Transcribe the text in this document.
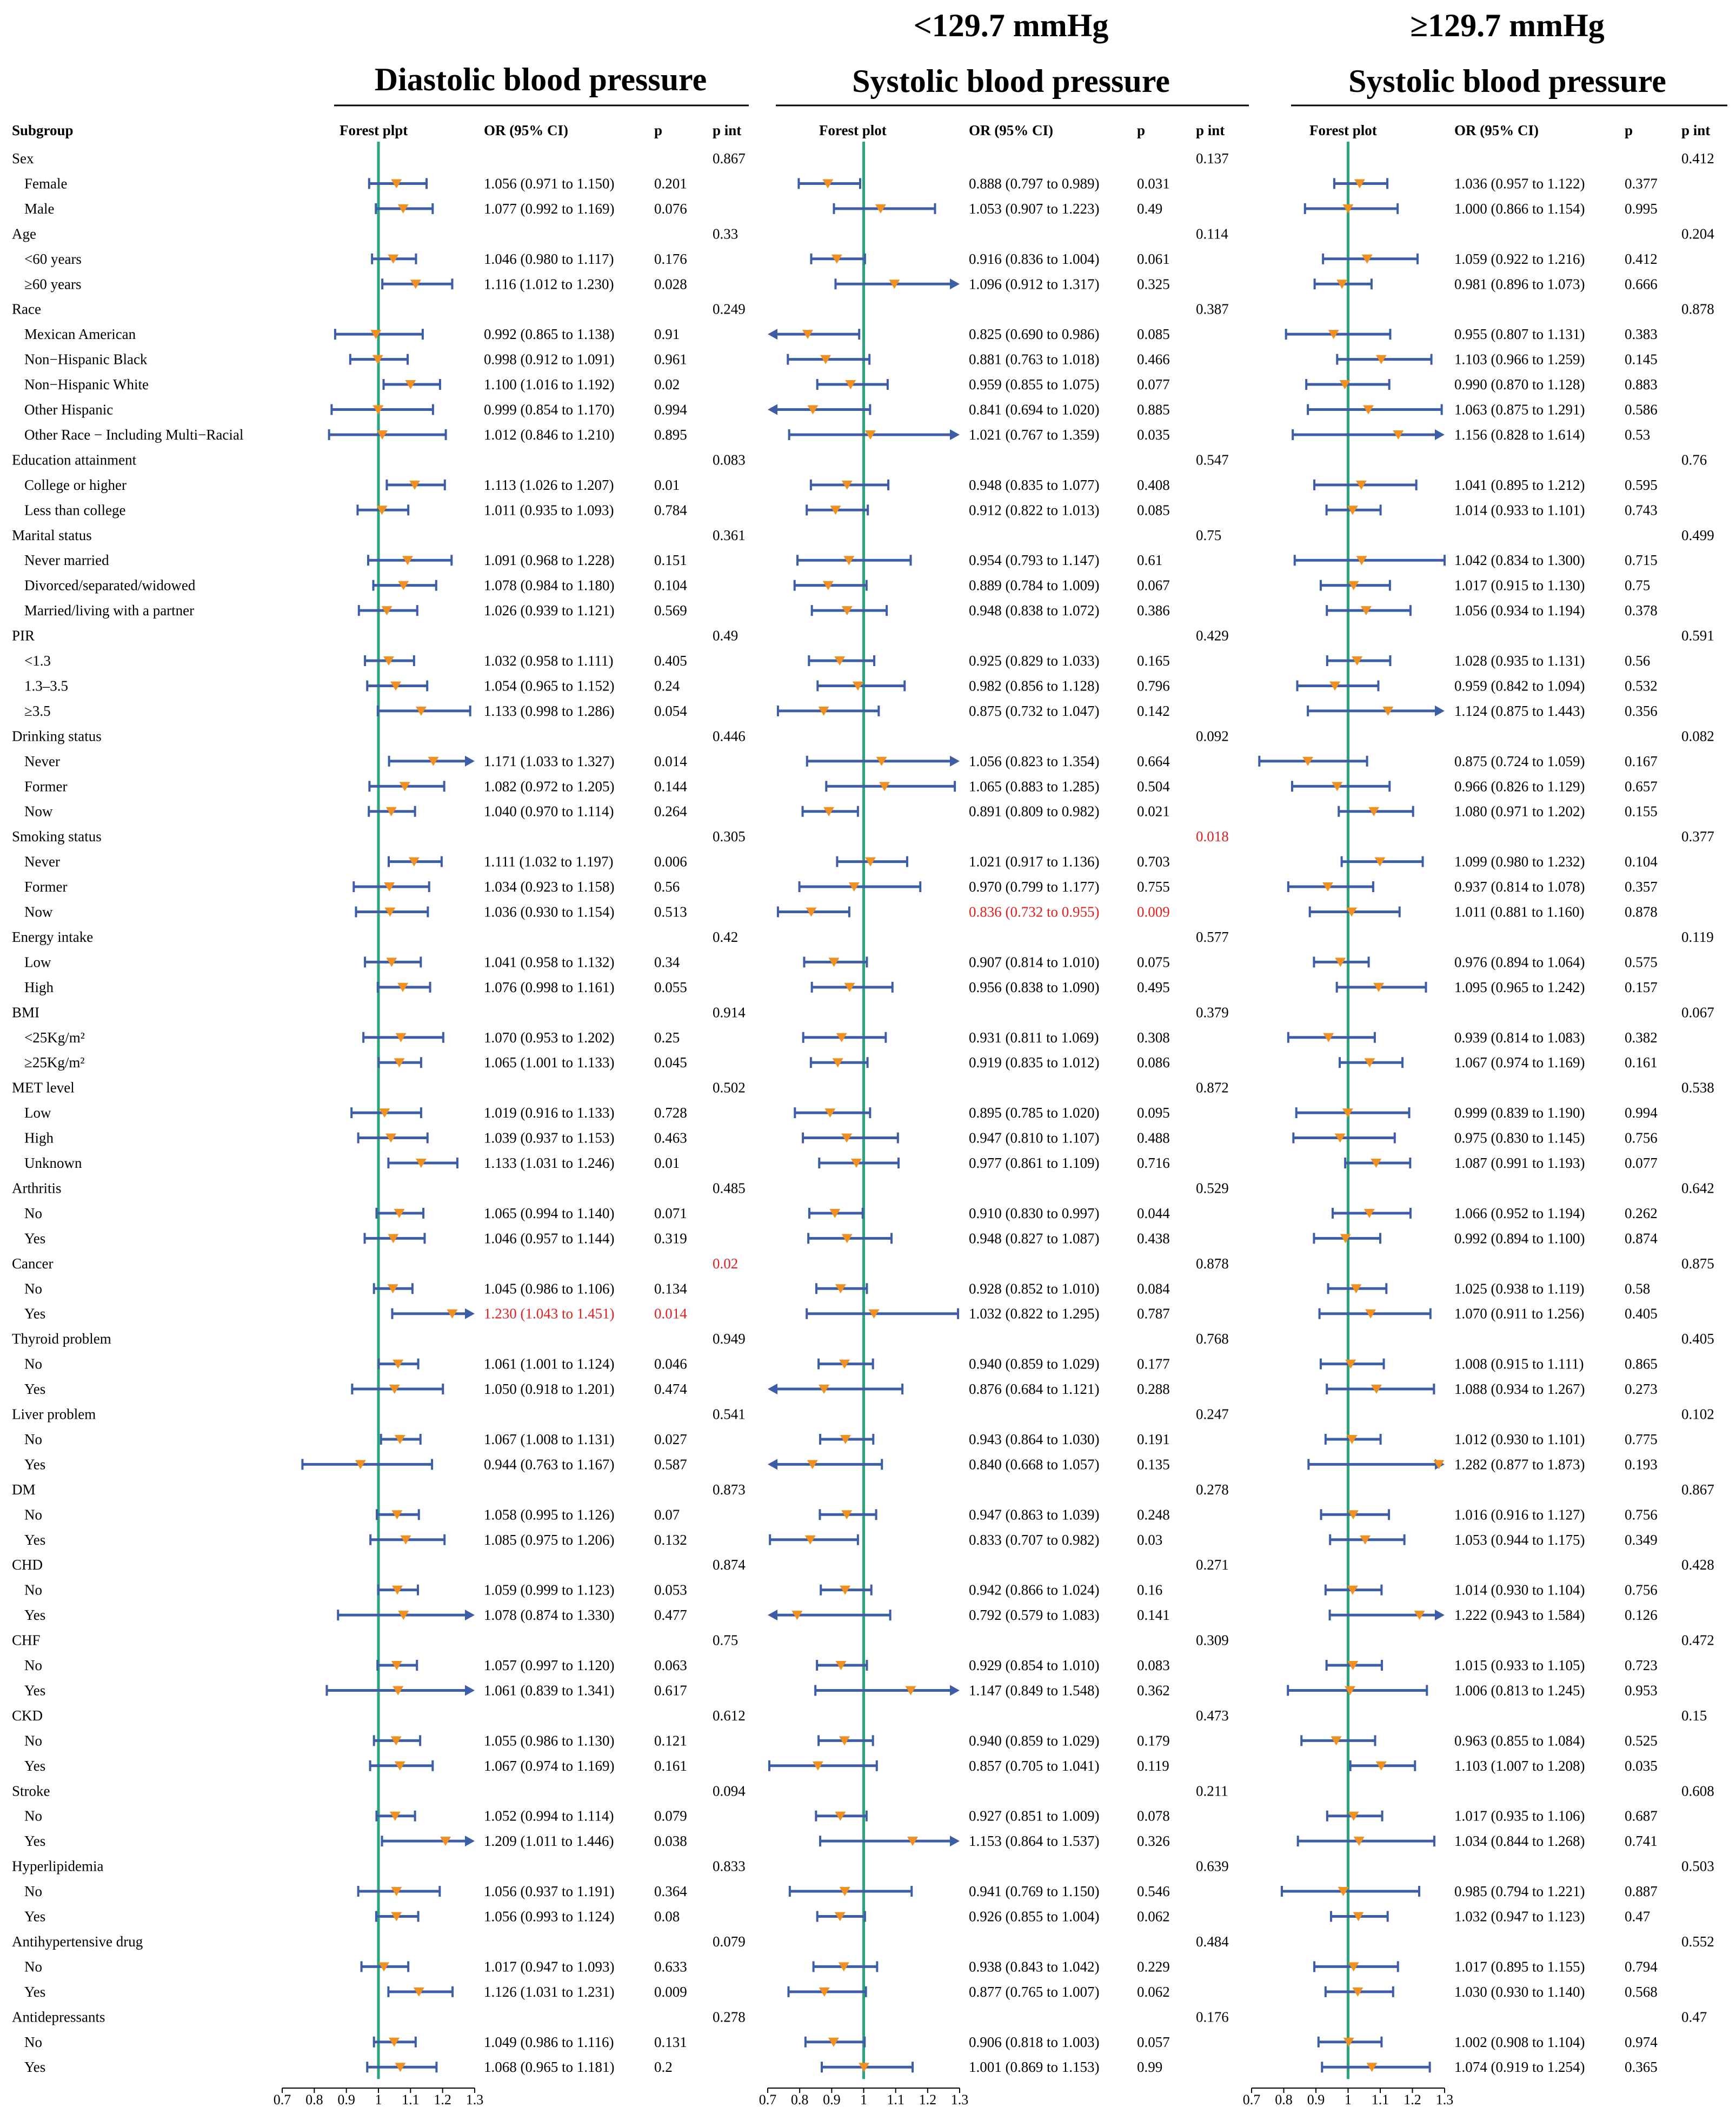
Diastolic blood pressure
<129.7 mmHg
Systolic blood pressure
≥129.7 mmHg
Systolic blood pressure
Subgroup	Forest plpt	OR (95% CI)	p	p int	Forest plot	OR (95% CI)	p	p int	Forest plot	OR (95% CI)	p	p int
Sex	0.867	0.137	0.412
Female	1.056 (0.971 to 1.150)	0.201	0.888 (0.797 to 0.989)	0.031	1.036 (0.957 to 1.122)	0.377
Male	1.077 (0.992 to 1.169)	0.076	1.053 (0.907 to 1.223)	0.49	1.000 (0.866 to 1.154)	0.995
Age	0.33	0.114	0.204
<60 years	1.046 (0.980 to 1.117)	0.176	0.916 (0.836 to 1.004)	0.061	1.059 (0.922 to 1.216)	0.412
≥60 years	1.116 (1.012 to 1.230)	0.028	1.096 (0.912 to 1.317)	0.325	0.981 (0.896 to 1.073)	0.666
Race	0.249	0.387	0.878
Mexican American	0.992 (0.865 to 1.138)	0.91	0.825 (0.690 to 0.986)	0.085	0.955 (0.807 to 1.131)	0.383
Non−Hispanic Black	0.998 (0.912 to 1.091)	0.961	0.881 (0.763 to 1.018)	0.466	1.103 (0.966 to 1.259)	0.145
Non−Hispanic White	1.100 (1.016 to 1.192)	0.02	0.959 (0.855 to 1.075)	0.077	0.990 (0.870 to 1.128)	0.883
Other Hispanic	0.999 (0.854 to 1.170)	0.994	0.841 (0.694 to 1.020)	0.885	1.063 (0.875 to 1.291)	0.586
Other Race − Including Multi−Racial	1.012 (0.846 to 1.210)	0.895	1.021 (0.767 to 1.359)	0.035	1.156 (0.828 to 1.614)	0.53
Education attainment	0.083	0.547	0.76
College or higher	1.113 (1.026 to 1.207)	0.01	0.948 (0.835 to 1.077)	0.408	1.041 (0.895 to 1.212)	0.595
Less than college	1.011 (0.935 to 1.093)	0.784	0.912 (0.822 to 1.013)	0.085	1.014 (0.933 to 1.101)	0.743
Marital status	0.361	0.75	0.499
Never married	1.091 (0.968 to 1.228)	0.151	0.954 (0.793 to 1.147)	0.61	1.042 (0.834 to 1.300)	0.715
Divorced/separated/widowed	1.078 (0.984 to 1.180)	0.104	0.889 (0.784 to 1.009)	0.067	1.017 (0.915 to 1.130)	0.75
Married/living with a partner	1.026 (0.939 to 1.121)	0.569	0.948 (0.838 to 1.072)	0.386	1.056 (0.934 to 1.194)	0.378
PIR	0.49	0.429	0.591
<1.3	1.032 (0.958 to 1.111)	0.405	0.925 (0.829 to 1.033)	0.165	1.028 (0.935 to 1.131)	0.56
1.3–3.5	1.054 (0.965 to 1.152)	0.24	0.982 (0.856 to 1.128)	0.796	0.959 (0.842 to 1.094)	0.532
≥3.5	1.133 (0.998 to 1.286)	0.054	0.875 (0.732 to 1.047)	0.142	1.124 (0.875 to 1.443)	0.356
Drinking status	0.446	0.092	0.082
Never	1.171 (1.033 to 1.327)	0.014	1.056 (0.823 to 1.354)	0.664	0.875 (0.724 to 1.059)	0.167
Former	1.082 (0.972 to 1.205)	0.144	1.065 (0.883 to 1.285)	0.504	0.966 (0.826 to 1.129)	0.657
Now	1.040 (0.970 to 1.114)	0.264	0.891 (0.809 to 0.982)	0.021	1.080 (0.971 to 1.202)	0.155
Smoking status	0.305	0.018	0.377
Never	1.111 (1.032 to 1.197)	0.006	1.021 (0.917 to 1.136)	0.703	1.099 (0.980 to 1.232)	0.104
Former	1.034 (0.923 to 1.158)	0.56	0.970 (0.799 to 1.177)	0.755	0.937 (0.814 to 1.078)	0.357
Now	1.036 (0.930 to 1.154)	0.513	0.836 (0.732 to 0.955)	0.009	1.011 (0.881 to 1.160)	0.878
Energy intake	0.42	0.577	0.119
Low	1.041 (0.958 to 1.132)	0.34	0.907 (0.814 to 1.010)	0.075	0.976 (0.894 to 1.064)	0.575
High	1.076 (0.998 to 1.161)	0.055	0.956 (0.838 to 1.090)	0.495	1.095 (0.965 to 1.242)	0.157
BMI	0.914	0.379	0.067
<25Kg/m²	1.070 (0.953 to 1.202)	0.25	0.931 (0.811 to 1.069)	0.308	0.939 (0.814 to 1.083)	0.382
≥25Kg/m²	1.065 (1.001 to 1.133)	0.045	0.919 (0.835 to 1.012)	0.086	1.067 (0.974 to 1.169)	0.161
MET level	0.502	0.872	0.538
Low	1.019 (0.916 to 1.133)	0.728	0.895 (0.785 to 1.020)	0.095	0.999 (0.839 to 1.190)	0.994
High	1.039 (0.937 to 1.153)	0.463	0.947 (0.810 to 1.107)	0.488	0.975 (0.830 to 1.145)	0.756
Unknown	1.133 (1.031 to 1.246)	0.01	0.977 (0.861 to 1.109)	0.716	1.087 (0.991 to 1.193)	0.077
Arthritis	0.485	0.529	0.642
No	1.065 (0.994 to 1.140)	0.071	0.910 (0.830 to 0.997)	0.044	1.066 (0.952 to 1.194)	0.262
Yes	1.046 (0.957 to 1.144)	0.319	0.948 (0.827 to 1.087)	0.438	0.992 (0.894 to 1.100)	0.874
Cancer	0.02	0.878	0.875
No	1.045 (0.986 to 1.106)	0.134	0.928 (0.852 to 1.010)	0.084	1.025 (0.938 to 1.119)	0.58
Yes	1.230 (1.043 to 1.451)	0.014	1.032 (0.822 to 1.295)	0.787	1.070 (0.911 to 1.256)	0.405
Thyroid problem	0.949	0.768	0.405
No	1.061 (1.001 to 1.124)	0.046	0.940 (0.859 to 1.029)	0.177	1.008 (0.915 to 1.111)	0.865
Yes	1.050 (0.918 to 1.201)	0.474	0.876 (0.684 to 1.121)	0.288	1.088 (0.934 to 1.267)	0.273
Liver problem	0.541	0.247	0.102
No	1.067 (1.008 to 1.131)	0.027	0.943 (0.864 to 1.030)	0.191	1.012 (0.930 to 1.101)	0.775
Yes	0.944 (0.763 to 1.167)	0.587	0.840 (0.668 to 1.057)	0.135	1.282 (0.877 to 1.873)	0.193
DM	0.873	0.278	0.867
No	1.058 (0.995 to 1.126)	0.07	0.947 (0.863 to 1.039)	0.248	1.016 (0.916 to 1.127)	0.756
Yes	1.085 (0.975 to 1.206)	0.132	0.833 (0.707 to 0.982)	0.03	1.053 (0.944 to 1.175)	0.349
CHD	0.874	0.271	0.428
No	1.059 (0.999 to 1.123)	0.053	0.942 (0.866 to 1.024)	0.16	1.014 (0.930 to 1.104)	0.756
Yes	1.078 (0.874 to 1.330)	0.477	0.792 (0.579 to 1.083)	0.141	1.222 (0.943 to 1.584)	0.126
CHF	0.75	0.309	0.472
No	1.057 (0.997 to 1.120)	0.063	0.929 (0.854 to 1.010)	0.083	1.015 (0.933 to 1.105)	0.723
Yes	1.061 (0.839 to 1.341)	0.617	1.147 (0.849 to 1.548)	0.362	1.006 (0.813 to 1.245)	0.953
CKD	0.612	0.473	0.15
No	1.055 (0.986 to 1.130)	0.121	0.940 (0.859 to 1.029)	0.179	0.963 (0.855 to 1.084)	0.525
Yes	1.067 (0.974 to 1.169)	0.161	0.857 (0.705 to 1.041)	0.119	1.103 (1.007 to 1.208)	0.035
Stroke	0.094	0.211	0.608
No	1.052 (0.994 to 1.114)	0.079	0.927 (0.851 to 1.009)	0.078	1.017 (0.935 to 1.106)	0.687
Yes	1.209 (1.011 to 1.446)	0.038	1.153 (0.864 to 1.537)	0.326	1.034 (0.844 to 1.268)	0.741
Hyperlipidemia	0.833	0.639	0.503
No	1.056 (0.937 to 1.191)	0.364	0.941 (0.769 to 1.150)	0.546	0.985 (0.794 to 1.221)	0.887
Yes	1.056 (0.993 to 1.124)	0.08	0.926 (0.855 to 1.004)	0.062	1.032 (0.947 to 1.123)	0.47
Antihypertensive drug	0.079	0.484	0.552
No	1.017 (0.947 to 1.093)	0.633	0.938 (0.843 to 1.042)	0.229	1.017 (0.895 to 1.155)	0.794
Yes	1.126 (1.031 to 1.231)	0.009	0.877 (0.765 to 1.007)	0.062	1.030 (0.930 to 1.140)	0.568
Antidepressants	0.278	0.176	0.47
No	1.049 (0.986 to 1.116)	0.131	0.906 (0.818 to 1.003)	0.057	1.002 (0.908 to 1.104)	0.974
Yes	1.068 (0.965 to 1.181)	0.2	1.001 (0.869 to 1.153)	0.99	1.074 (0.919 to 1.254)	0.365
0.7 0.8 0.9 1 1.1 1.2 1.3	0.7 0.8 0.9 1 1.1 1.2 1.3	0.7 0.8 0.9 1 1.1 1.2 1.3
